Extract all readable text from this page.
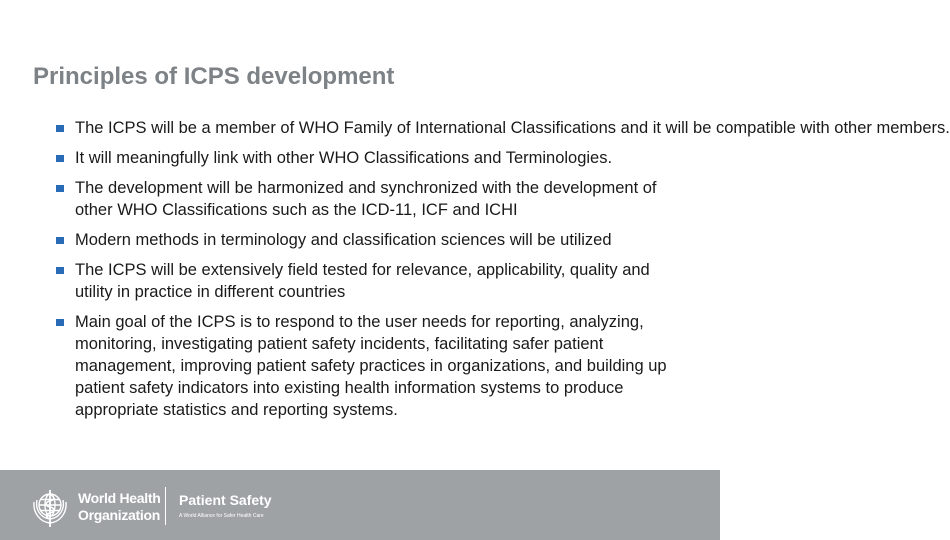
Principles of ICPS development
The ICPS will be a member of WHO Family of International Classifications and it will be compatible with other members.
It will meaningfully link with other WHO Classifications and Terminologies.
The development will be harmonized and synchronized with the development of other WHO Classifications such as the ICD-11, ICF and ICHI
Modern methods in terminology and classification sciences will be utilized
The ICPS will be extensively field tested for relevance, applicability, quality and utility in practice in different countries
Main goal of the ICPS is to respond to the user needs for reporting, analyzing, monitoring, investigating patient safety incidents, facilitating safer patient management, improving patient safety practices in organizations, and building up patient safety indicators into existing health information systems to produce appropriate statistics and reporting systems.
World Health
Organization
Patient Safety
A World Alliance for Safer Health Care
